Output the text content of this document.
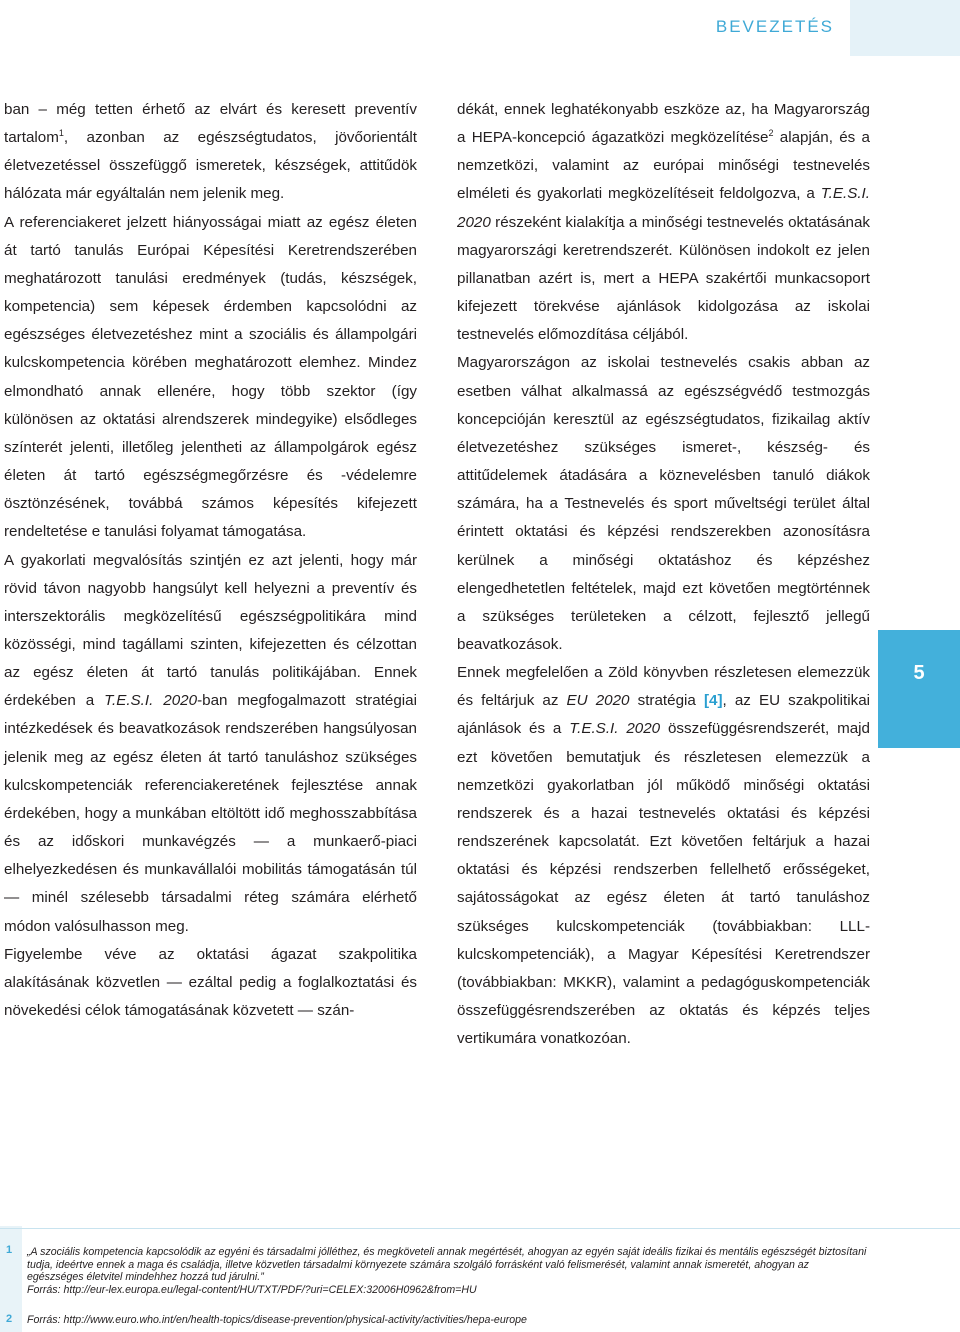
BEVEZETÉS
5

ban – még tetten érhető az elvárt és keresett preventív tartalom$^1$, azonban az egészségtudatos, jövőorientált életvezetéssel összefüggő ismeretek, készségek, attitűdök hálózata már egyáltalán nem jelenik meg.

A referenciakeret jelzett hiányosságai miatt az egész életen át tartó tanulás Európai Képesítési Keretrendszerében meghatározott tanulási eredmények (tudás, készségek, kompetencia) sem képesek érdemben kapcsolódni az egészséges életvezetéshez mint a szociális és állampolgári kulcskompetencia körében meghatározott elemhez. Mindez elmondható annak ellenére, hogy több szektor (így különösen az oktatási alrendszerek mindegyike) elsődleges színterét jelenti, illetőleg jelentheti az állampolgárok egész életen át tartó egészségmegőrzésre és -védelemre ösztönzésének, továbbá számos képesítés kifejezett rendeltetése e tanulási folyamat támogatása.

A gyakorlati megvalósítás szintjén ez azt jelenti, hogy már rövid távon nagyobb hangsúlyt kell helyezni a preventív és interszektorális megközelítésű egészségpolitikára mind közösségi, mind tagállami szinten, kifejezetten és célzottan az egész életen át tartó tanulás politikájában. Ennek érdekében a T.E.S.I. 2020-ban megfogalmazott stratégiai intézkedések és beavatkozások rendszerében hangsúlyosan jelenik meg az egész életen át tartó tanuláshoz szükséges kulcskompetenciák referenciakeretének fejlesztése annak érdekében, hogy a munkában eltöltött idő meghosszabbítása és az időskori munkavégzés — a munkaerő-piaci elhelyezkedésen és munkavállalói mobilitás támogatásán túl — minél szélesebb társadalmi réteg számára elérhető módon valósulhasson meg.

Figyelembe véve az oktatási ágazat szakpolitika alakításának közvetlen — ezáltal pedig a foglalkoztatási és növekedési célok támogatásának közvetett — szán-

dékát, ennek leghatékonyabb eszköze az, ha Magyarország a HEPA-koncepció ágazatközi megközelítése$^2$ alapján, és a nemzetközi, valamint az európai minőségi testnevelés elméleti és gyakorlati megközelítéseit feldolgozva, a T.E.S.I. 2020 részeként kialakítja a minőségi testnevelés oktatásának magyarországi keretrendszerét. Különösen indokolt ez jelen pillanatban azért is, mert a HEPA szakértői munkacsoport kifejezett törekvése ajánlások kidolgozása az iskolai testnevelés előmozdítása céljából.

Magyarországon az iskolai testnevelés csakis abban az esetben válhat alkalmassá az egészségvédő testmozgás koncepcióján keresztül az egészségtudatos, fizikailag aktív életvezetéshez szükséges ismeret-, készség- és attitűdelemek átadására a köznevelésben tanuló diákok számára, ha a Testnevelés és sport műveltségi terület által érintett oktatási és képzési rendszerekben azonosításra kerülnek a minőségi oktatáshoz és képzéshez elengedhetetlen feltételek, majd ezt követően megtörténnek a szükséges területeken a célzott, fejlesztő jellegű beavatkozások.

Ennek megfelelően a Zöld könyvben részletesen elemezzük és feltárjuk az EU 2020 stratégia [4], az EU szakpolitikai ajánlások és a T.E.S.I. 2020 összefüggésrendszerét, majd ezt követően bemutatjuk és részletesen elemezzük a nemzetközi gyakorlatban jól működő minőségi oktatási rendszerek és a hazai testnevelés oktatási és képzési rendszerének kapcsolatát. Ezt követően feltárjuk a hazai oktatási és képzési rendszerben fellelhető erősségeket, sajátosságokat az egész életen át tartó tanuláshoz szükséges kulcskompetenciák (továbbiakban: LLL-kulcskompetenciák), a Magyar Képesítési Keretrendszer (továbbiakban: MKKR), valamint a pedagóguskompetenciák összefüggésrendszerében az oktatás és képzés teljes vertikumára vonatkozóan.

1 „A szociális kompetencia kapcsolódik az egyéni és társadalmi jólléthez, és megköveteli annak megértését, ahogyan az egyén saját ideális fizikai és mentális egészségét biztosítani tudja, ideértve ennek a maga és családja, illetve közvetlen társadalmi környezete számára szolgáló forrásként való felismerését, valamint annak ismeretét, ahogyan az egészséges életvitel mindehhez hozzá tud járulni.”
Forrás: http://eur-lex.europa.eu/legal-content/HU/TXT/PDF/?uri=CELEX:32006H0962&from=HU
2 Forrás: http://www.euro.who.int/en/health-topics/disease-prevention/physical-activity/activities/hepa-europe
